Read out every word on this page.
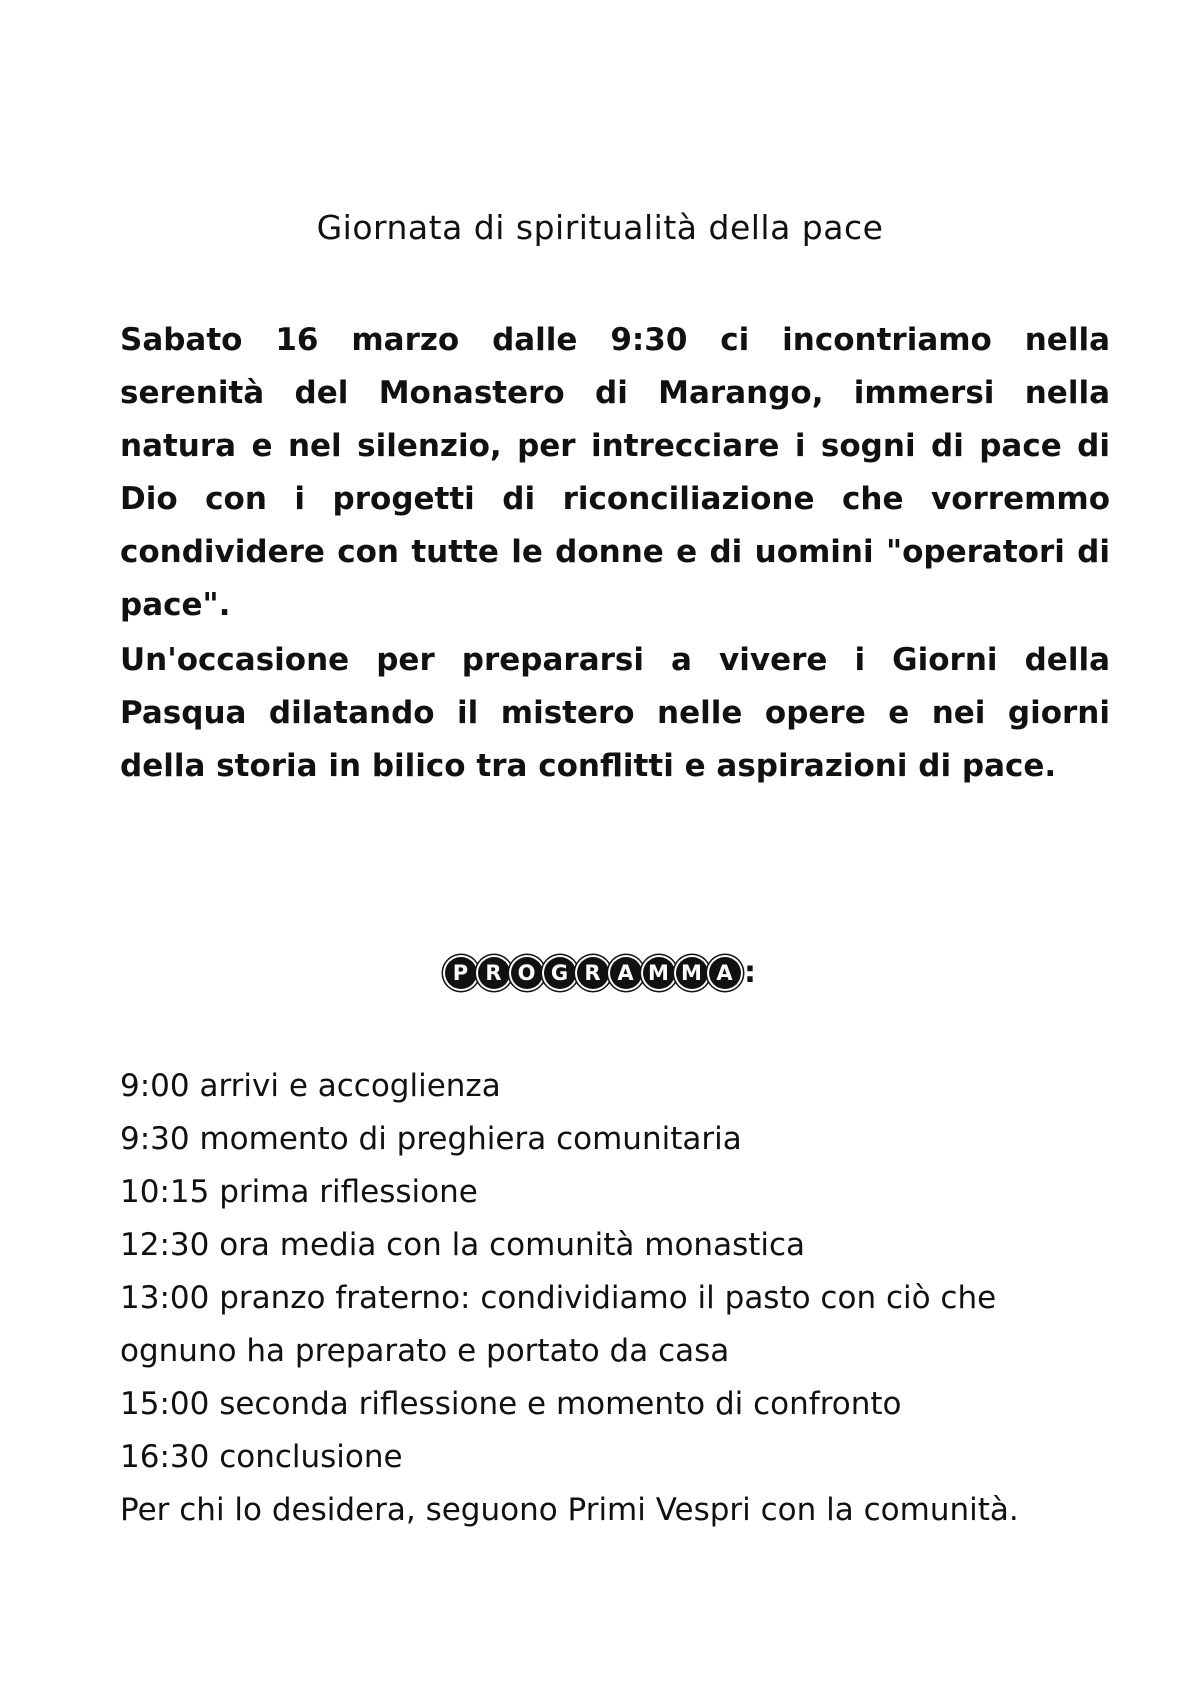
Giornata di spiritualità della pace

Sabato 16 marzo dalle 9:30 ci incontriamo nella serenità del Monastero di Marango, immersi nella natura e nel silenzio, per intrecciare i sogni di pace di Dio con i progetti di riconciliazione che vorremmo condividere con tutte le donne e di uomini "operatori di pace".

Un'occasione per prepararsi a vivere i Giorni della Pasqua dilatando il mistero nelle opere e nei giorni della storia in bilico tra conflitti e aspirazioni di pace.

P R O G R A M M A :
9:00 arrivi e accoglienza
9:30 momento di preghiera comunitaria
10:15 prima riflessione
12:30 ora media con la comunità monastica
13:00 pranzo fraterno: condividiamo il pasto con ciò che ognuno ha preparato e portato da casa
15:00 seconda riflessione e momento di confronto
16:30 conclusione
Per chi lo desidera, seguono Primi Vespri con la comunità.
